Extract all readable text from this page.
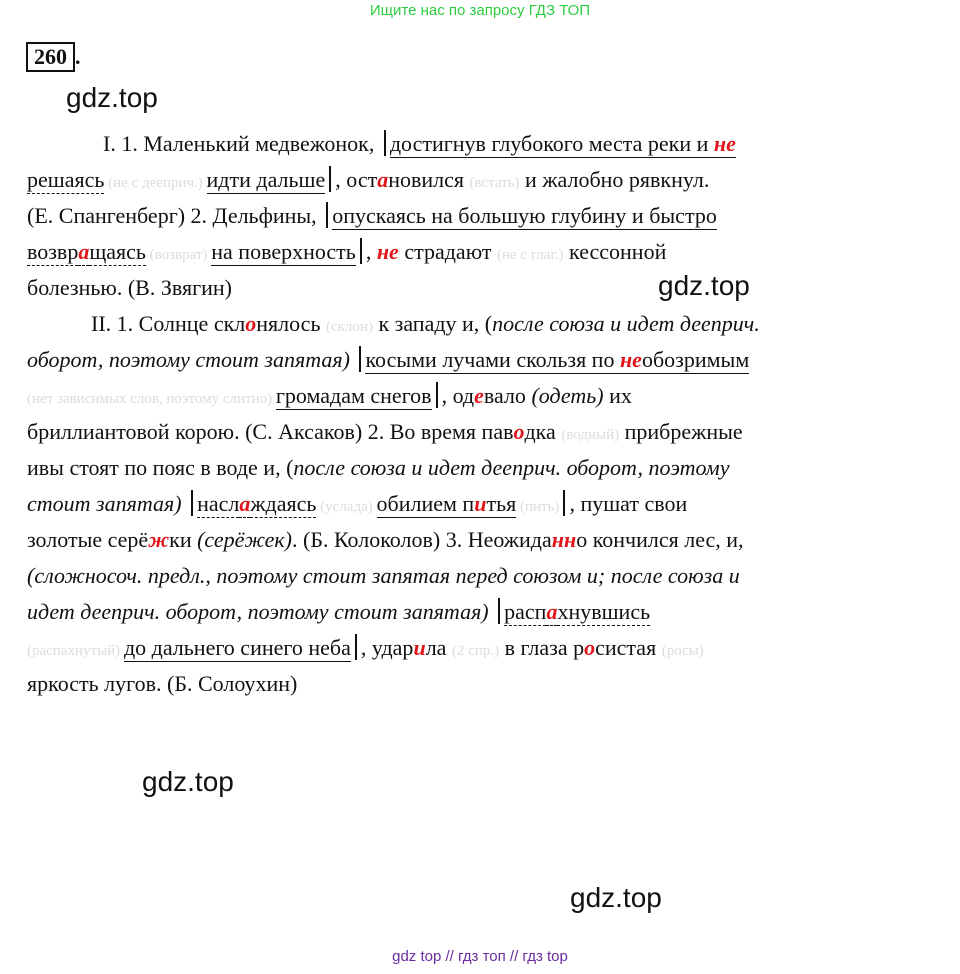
Ищите нас по запросу ГДЗ ТОП
260 .
gdz.top
gdz.top
gdz.top
gdz.top
I. 1. Маленький медвежонок, достигнув глубокого места реки и не
решаясь (не с дееприч.) идти дальше , остановился (встать) и жалобно рявкнул.
(Е. Спангенберг) 2. Дельфины, опускаясь на большую глубину и быстро
возвращаясь (возврат) на поверхность , не страдают (не с глаг.) кессонной
болезнью. (В. Звягин)
II. 1. Солнце склонялось (склон) к западу и, (после союза и идет дееприч.
оборот, поэтому стоит запятая) косыми лучами скользя по необозримым
(нет зависимых слов, поэтому слитно) громадам снегов , одевало (одеть) их
бриллиантовой корою. (С. Аксаков) 2. Во время паводка (водный) прибрежные
ивы стоят по пояс в воде и, (после союза и идет дееприч. оборот, поэтому
стоит запятая) наслаждаясь (услада) обилием питья (пить) , пушат свои
золотые серёжки (серёжек). (Б. Колоколов) 3. Неожиданно кончился лес, и,
(сложносоч. предл., поэтому стоит запятая перед союзом и; после союза и
идет дееприч. оборот, поэтому стоит запятая) распахнувшись
(распахнутый) до дальнего синего неба , ударила (2 спр.) в глаза росистая (росы)
яркость лугов. (Б. Солоухин)
gdz top // гдз топ // гдз top
